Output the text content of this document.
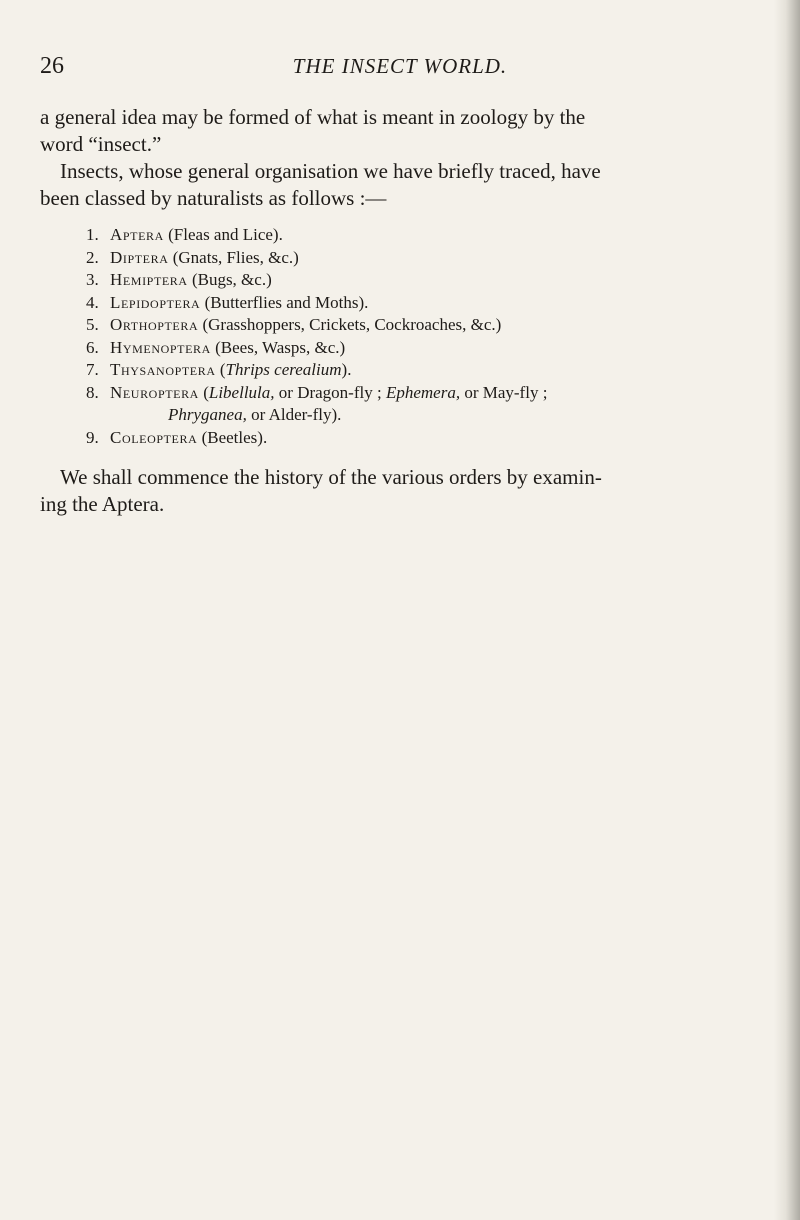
26	THE INSECT WORLD.

a general idea may be formed of what is meant in zoology by the
word “insect.”

Insects, whose general organisation we have briefly traced, have
been classed by naturalists as follows :—

1. Aptera (Fleas and Lice).
2. Diptera (Gnats, Flies, &c.)
3. Hemiptera (Bugs, &c.)
4. Lepidoptera (Butterflies and Moths).
5. Orthoptera (Grasshoppers, Crickets, Cockroaches, &c.)
6. Hymenoptera (Bees, Wasps, &c.)
7. Thysanoptera (Thrips cerealium).
8. Neuroptera (Libellula, or Dragon-fly ; Ephemera, or May-fly ;
Phryganea, or Alder-fly).
9. Coleoptera (Beetles).

We shall commence the history of the various orders by examin-
ing the Aptera.
